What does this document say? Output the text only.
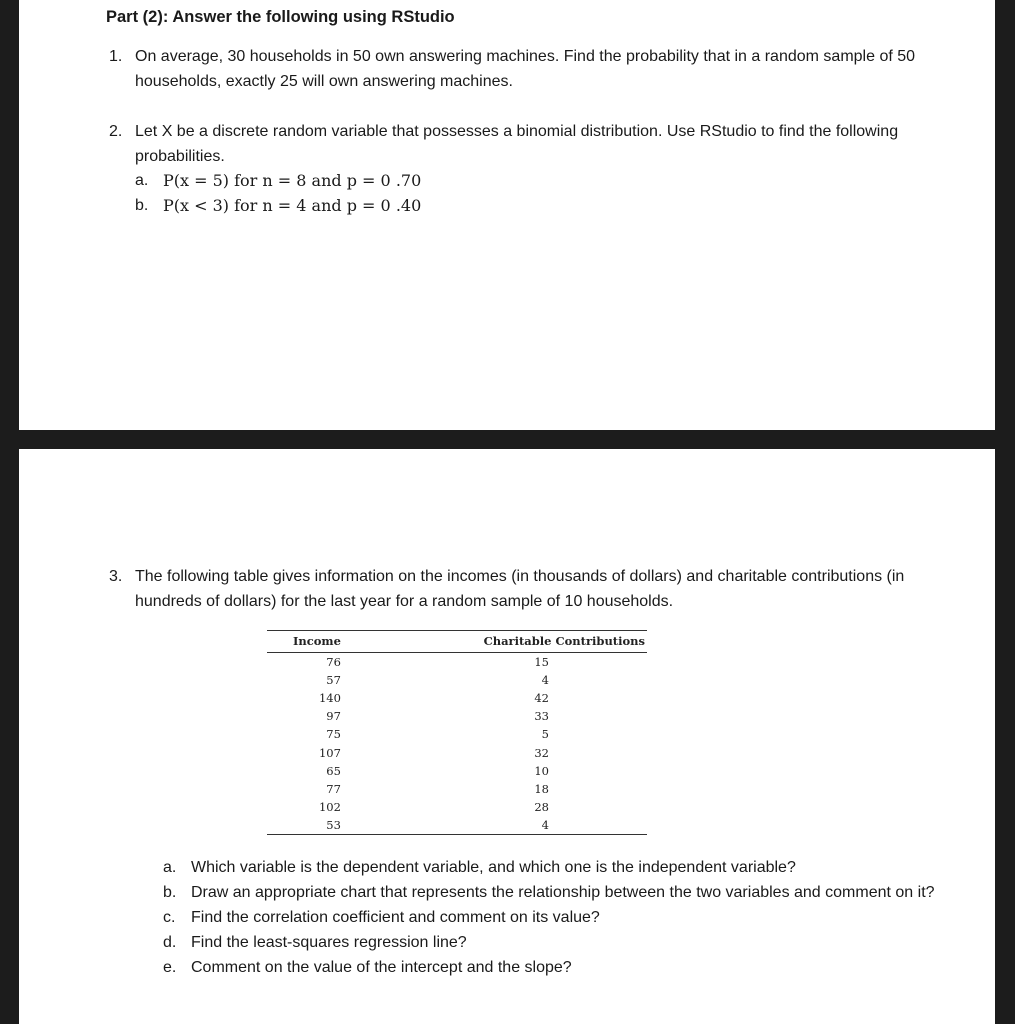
Part (2): Answer the following using RStudio
1. On average, 30 households in 50 own answering machines. Find the probability that in a random sample of 50 households, exactly 25 will own answering machines.
2. Let X be a discrete random variable that possesses a binomial distribution. Use RStudio to find the following probabilities.
a. P(x = 5) for n = 8 and p = 0 .70
b. P(x < 3) for n = 4 and p = 0 .40
3. The following table gives information on the incomes (in thousands of dollars) and charitable contributions (in hundreds of dollars) for the last year for a random sample of 10 households.
Income		Charitable Contributions
76		15
57		4
140		42
97		33
75		5
107		32
65		10
77		18
102		28
53		4
a. Which variable is the dependent variable, and which one is the independent variable?
b. Draw an appropriate chart that represents the relationship between the two variables and comment on it?
c. Find the correlation coefficient and comment on its value?
d. Find the least-squares regression line?
e. Comment on the value of the intercept and the slope?
